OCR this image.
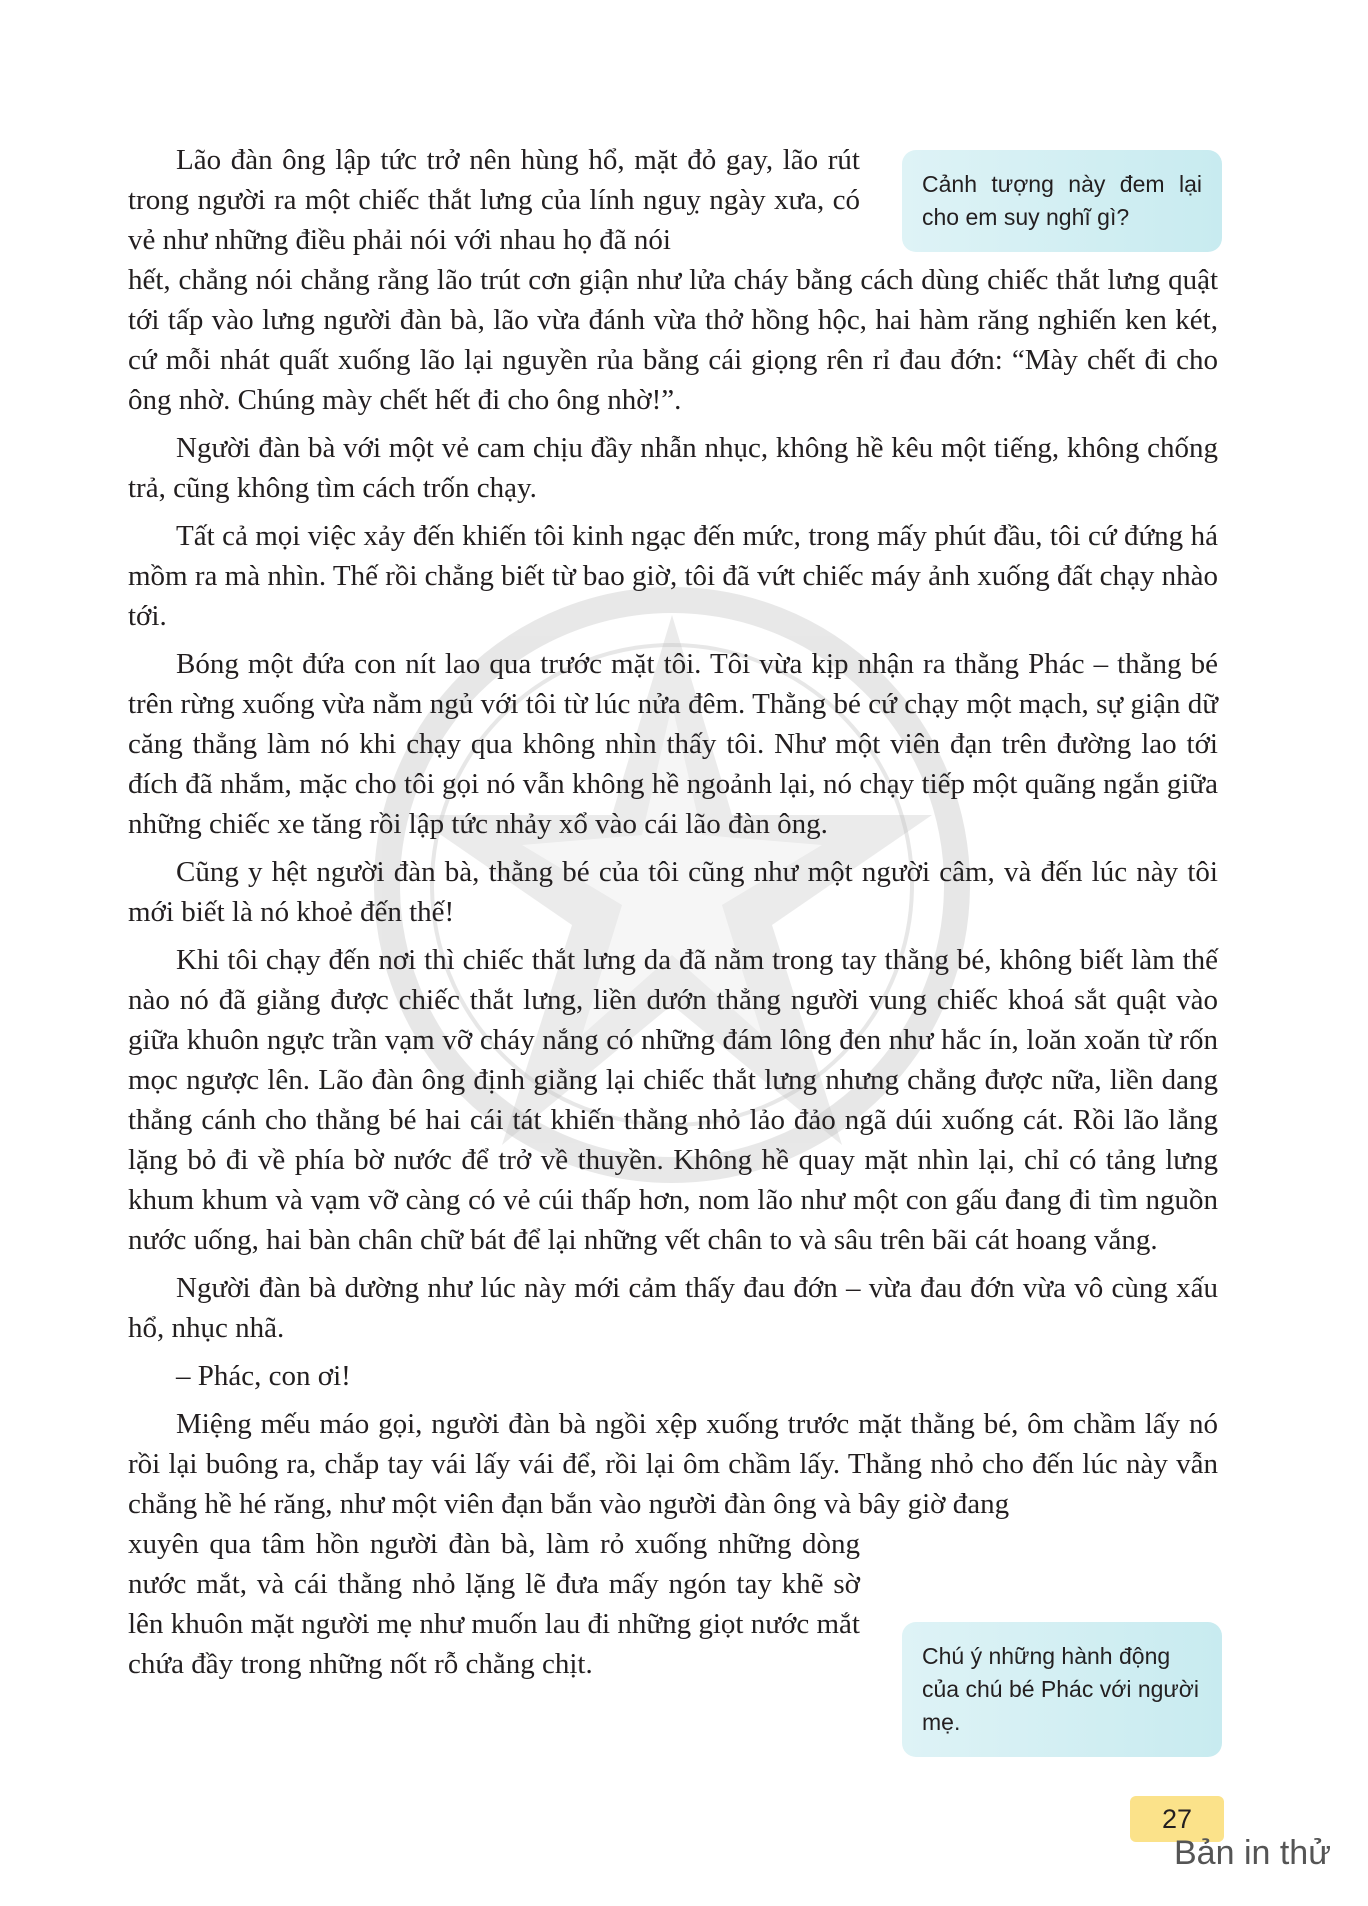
Lão đàn ông lập tức trở nên hùng hổ, mặt đỏ gay, lão rút trong người ra một chiếc thắt lưng của lính nguỵ ngày xưa, có vẻ như những điều phải nói với nhau họ đã nói

hết, chẳng nói chẳng rằng lão trút cơn giận như lửa cháy bằng cách dùng chiếc thắt lưng quật tới tấp vào lưng người đàn bà, lão vừa đánh vừa thở hồng hộc, hai hàm răng nghiến ken két, cứ mỗi nhát quất xuống lão lại nguyền rủa bằng cái giọng rên rỉ đau đớn: “Mày chết đi cho ông nhờ. Chúng mày chết hết đi cho ông nhờ!”.

Người đàn bà với một vẻ cam chịu đầy nhẫn nhục, không hề kêu một tiếng, không chống trả, cũng không tìm cách trốn chạy.

Tất cả mọi việc xảy đến khiến tôi kinh ngạc đến mức, trong mấy phút đầu, tôi cứ đứng há mồm ra mà nhìn. Thế rồi chẳng biết từ bao giờ, tôi đã vứt chiếc máy ảnh xuống đất chạy nhào tới.

Bóng một đứa con nít lao qua trước mặt tôi. Tôi vừa kịp nhận ra thằng Phác – thằng bé trên rừng xuống vừa nằm ngủ với tôi từ lúc nửa đêm. Thằng bé cứ chạy một mạch, sự giận dữ căng thẳng làm nó khi chạy qua không nhìn thấy tôi. Như một viên đạn trên đường lao tới đích đã nhắm, mặc cho tôi gọi nó vẫn không hề ngoảnh lại, nó chạy tiếp một quãng ngắn giữa những chiếc xe tăng rồi lập tức nhảy xổ vào cái lão đàn ông.

Cũng y hệt người đàn bà, thằng bé của tôi cũng như một người câm, và đến lúc này tôi mới biết là nó khoẻ đến thế!

Khi tôi chạy đến nơi thì chiếc thắt lưng da đã nằm trong tay thằng bé, không biết làm thế nào nó đã giằng được chiếc thắt lưng, liền dướn thẳng người vung chiếc khoá sắt quật vào giữa khuôn ngực trần vạm vỡ cháy nắng có những đám lông đen như hắc ín, loăn xoăn từ rốn mọc ngược lên. Lão đàn ông định giằng lại chiếc thắt lưng nhưng chẳng được nữa, liền dang thẳng cánh cho thằng bé hai cái tát khiến thằng nhỏ lảo đảo ngã dúi xuống cát. Rồi lão lẳng lặng bỏ đi về phía bờ nước để trở về thuyền. Không hề quay mặt nhìn lại, chỉ có tảng lưng khum khum và vạm vỡ càng có vẻ cúi thấp hơn, nom lão như một con gấu đang đi tìm nguồn nước uống, hai bàn chân chữ bát để lại những vết chân to và sâu trên bãi cát hoang vắng.

Người đàn bà dường như lúc này mới cảm thấy đau đớn – vừa đau đớn vừa vô cùng xấu hổ, nhục nhã.

– Phác, con ơi!

Miệng mếu máo gọi, người đàn bà ngồi xệp xuống trước mặt thằng bé, ôm chầm lấy nó rồi lại buông ra, chắp tay vái lấy vái để, rồi lại ôm chầm lấy. Thằng nhỏ cho đến lúc này vẫn chẳng hề hé răng, như một viên đạn bắn vào người đàn ông và bây giờ đang

xuyên qua tâm hồn người đàn bà, làm rỏ xuống những dòng nước mắt, và cái thằng nhỏ lặng lẽ đưa mấy ngón tay khẽ sờ lên khuôn mặt người mẹ như muốn lau đi những giọt nước mắt chứa đầy trong những nốt rỗ chằng chịt.

Cảnh tượng này đem lại cho em suy nghĩ gì?
Chú ý những hành động của chú bé Phác với người mẹ.
27
Bản in thử
